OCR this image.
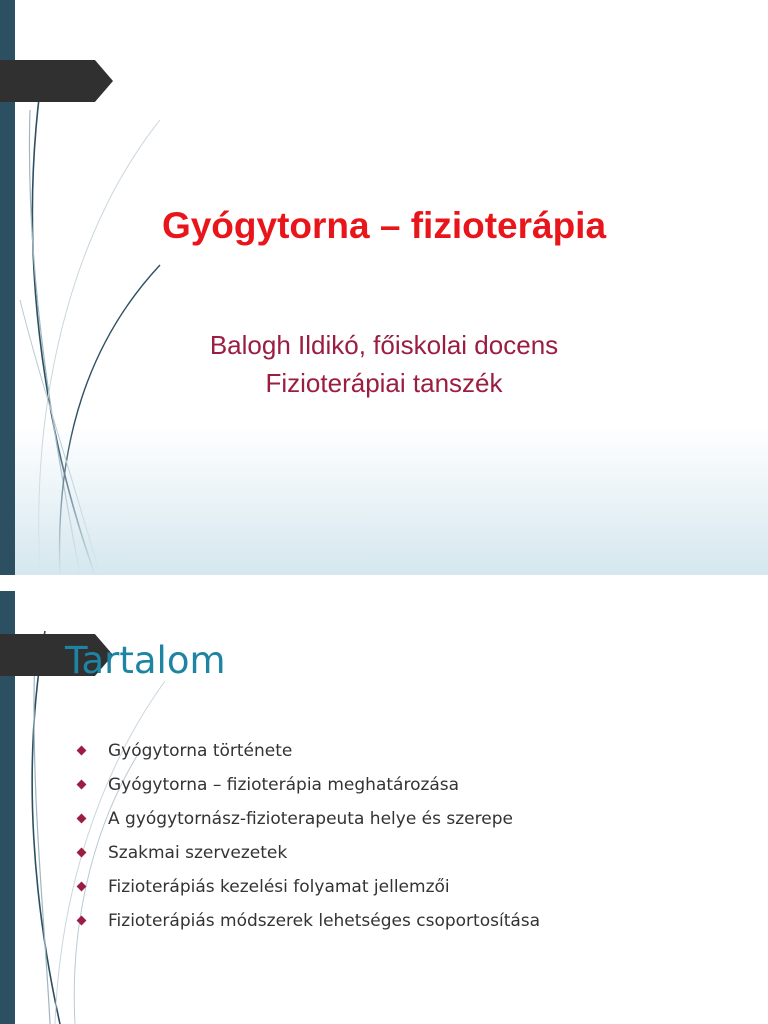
Gyógytorna – fizioterápia
Balogh Ildikó, főiskolai docens
Fizioterápiai tanszék
Tartalom
Gyógytorna története
Gyógytorna – fizioterápia meghatározása
A gyógytornász-fizioterapeuta helye és szerepe
Szakmai szervezetek
Fizioterápiás kezelési folyamat jellemzői
Fizioterápiás módszerek lehetséges csoportosítása
